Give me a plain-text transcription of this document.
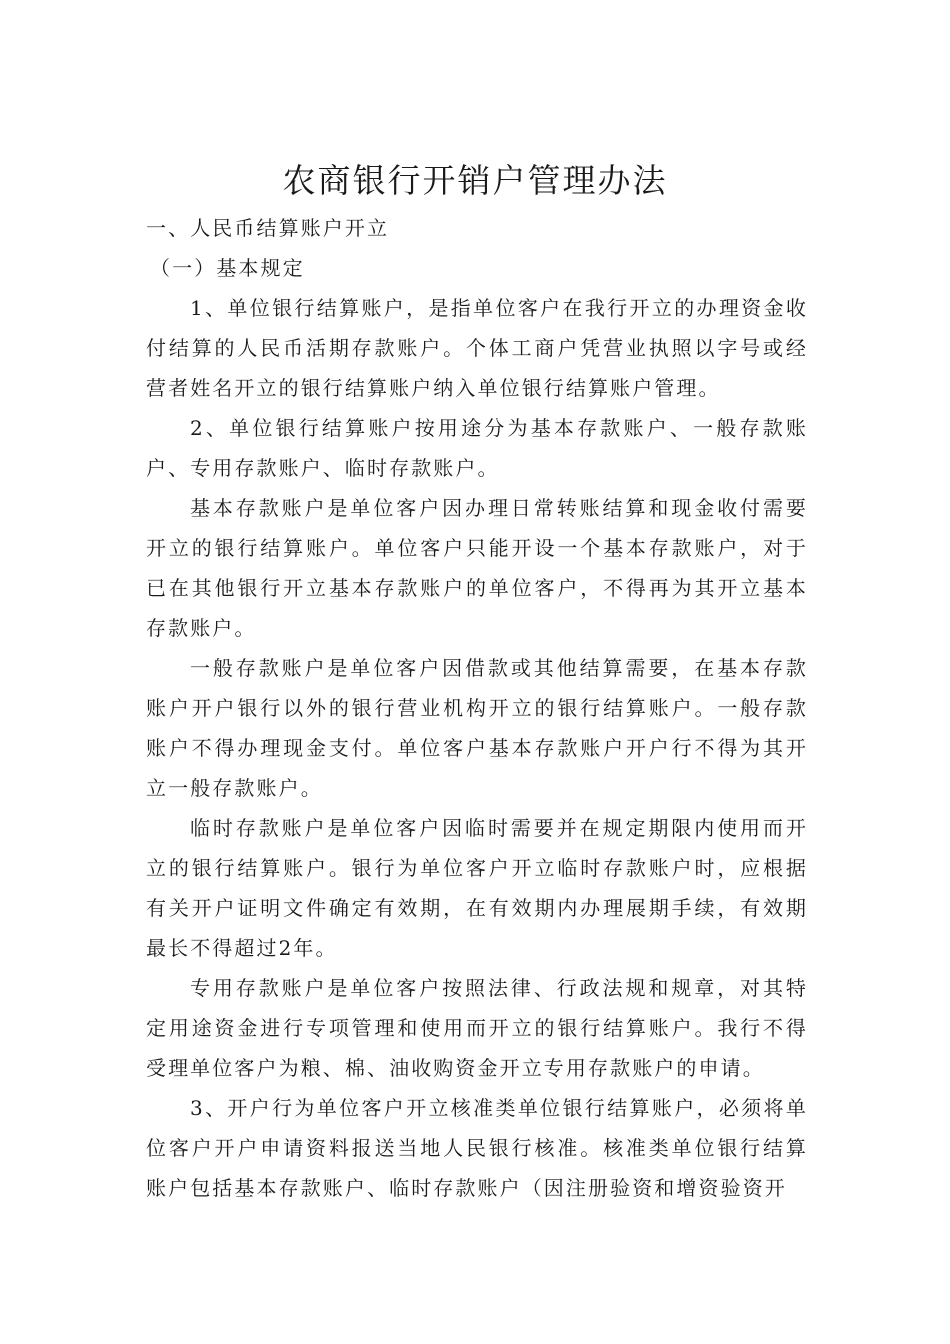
农商银行开销户管理办法

一、人民币结算账户开立

（一）基本规定

1、单位银行结算账户，是指单位客户在我行开立的办理资金收付结算的人民币活期存款账户。个体工商户凭营业执照以字号或经营者姓名开立的银行结算账户纳入单位银行结算账户管理。

2、单位银行结算账户按用途分为基本存款账户、一般存款账户、专用存款账户、临时存款账户。

基本存款账户是单位客户因办理日常转账结算和现金收付需要开立的银行结算账户。单位客户只能开设一个基本存款账户，对于已在其他银行开立基本存款账户的单位客户，不得再为其开立基本存款账户。

一般存款账户是单位客户因借款或其他结算需要，在基本存款账户开户银行以外的银行营业机构开立的银行结算账户。一般存款账户不得办理现金支付。单位客户基本存款账户开户行不得为其开立一般存款账户。

临时存款账户是单位客户因临时需要并在规定期限内使用而开立的银行结算账户。银行为单位客户开立临时存款账户时，应根据有关开户证明文件确定有效期，在有效期内办理展期手续，有效期最长不得超过2年。

专用存款账户是单位客户按照法律、行政法规和规章，对其特定用途资金进行专项管理和使用而开立的银行结算账户。我行不得受理单位客户为粮、棉、油收购资金开立专用存款账户的申请。

3、开户行为单位客户开立核准类单位银行结算账户，必须将单位客户开户申请资料报送当地人民银行核准。核准类单位银行结算账户包括基本存款账户、临时存款账户（因注册验资和增资验资开
